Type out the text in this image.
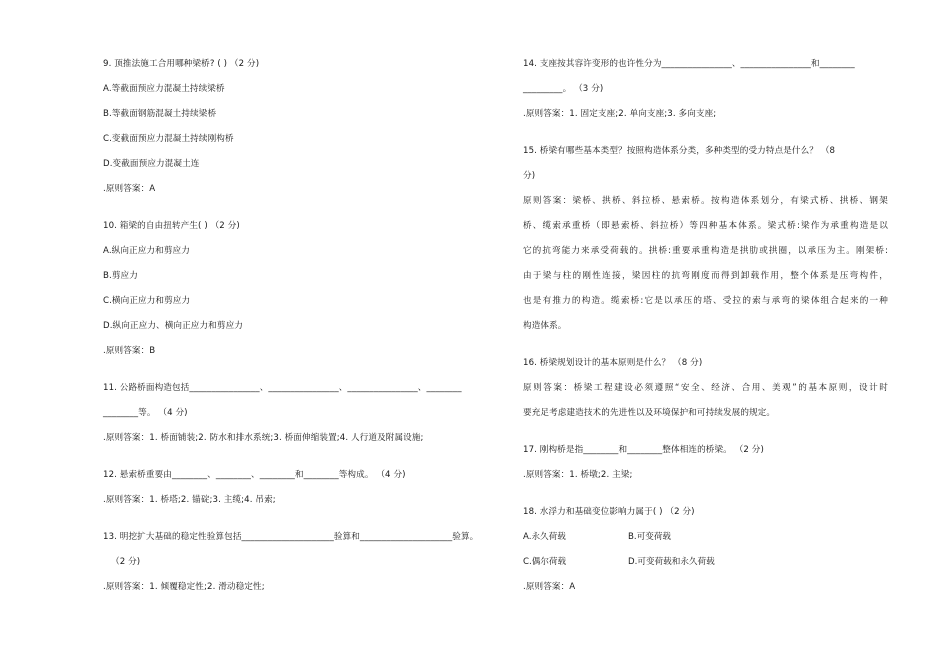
9. 顶推法施工合用哪种梁桥? ( ) （2 分)
A.等截面预应力混凝土持续梁桥
B.等截面钢筋混凝土持续梁桥
C.变截面预应力混凝土持续刚构桥
D.变截面预应力混凝土连
.原则答案：A
10. 箱梁的自由扭转产生( ) （2 分)
A.纵向正应力和剪应力
B.剪应力
C.横向正应力和剪应力
D.纵向正应力、横向正应力和剪应力
.原则答案：B
11. 公路桥面构造包括________________、________________、________________、________
________等。 （4 分)
.原则答案：1. 桥面铺装;2. 防水和排水系统;3. 桥面伸缩装置;4. 人行道及附属设施;
12. 悬索桥重要由________、________、________和________等构成。 （4 分)
.原则答案：1. 桥塔;2. 锚碇;3. 主缆;4. 吊索;
13. 明挖扩大基础的稳定性验算包括_____________________验算和_____________________验算。
（2 分)
.原则答案：1. 倾覆稳定性;2. 滑动稳定性;
14. 支座按其容许变形的也许性分为________________、________________和________
_________。 （3 分)
.原则答案：1. 固定支座;2. 单向支座;3. 多向支座;
15. 桥梁有哪些基本类型？按照构造体系分类，多种类型的受力特点是什么？ （8
分)
原则答案：梁桥、拱桥、斜拉桥、悬索桥。按构造体系划分，有梁式桥、拱桥、钢架
桥、缆索承重桥（即悬索桥、斜拉桥）等四种基本体系。梁式桥:梁作为承重构造是以
它的抗弯能力来承受荷载的。拱桥:重要承重构造是拱肋或拱圈，以承压为主。刚架桥:
由于梁与柱的刚性连接，梁因柱的抗弯刚度而得到卸载作用，整个体系是压弯构件，
也是有推力的构造。缆索桥:它是以承压的塔、受拉的索与承弯的梁体组合起来的一种
构造体系。
16. 桥梁规划设计的基本原则是什么？ （8 分)
原则答案：桥梁工程建设必须遵照“安全、经济、合用、美观”的基本原则，设计时
要充足考虑建造技术的先进性以及环境保护和可持续发展的规定。
17. 刚构桥是指________和________整体相连的桥梁。 （2 分)
.原则答案：1. 桥墩;2. 主梁;
18. 水浮力和基础变位影响力属于( ) （2 分)
A.永久荷载	B.可变荷载
C.偶尔荷载	D.可变荷载和永久荷载
.原则答案：A
